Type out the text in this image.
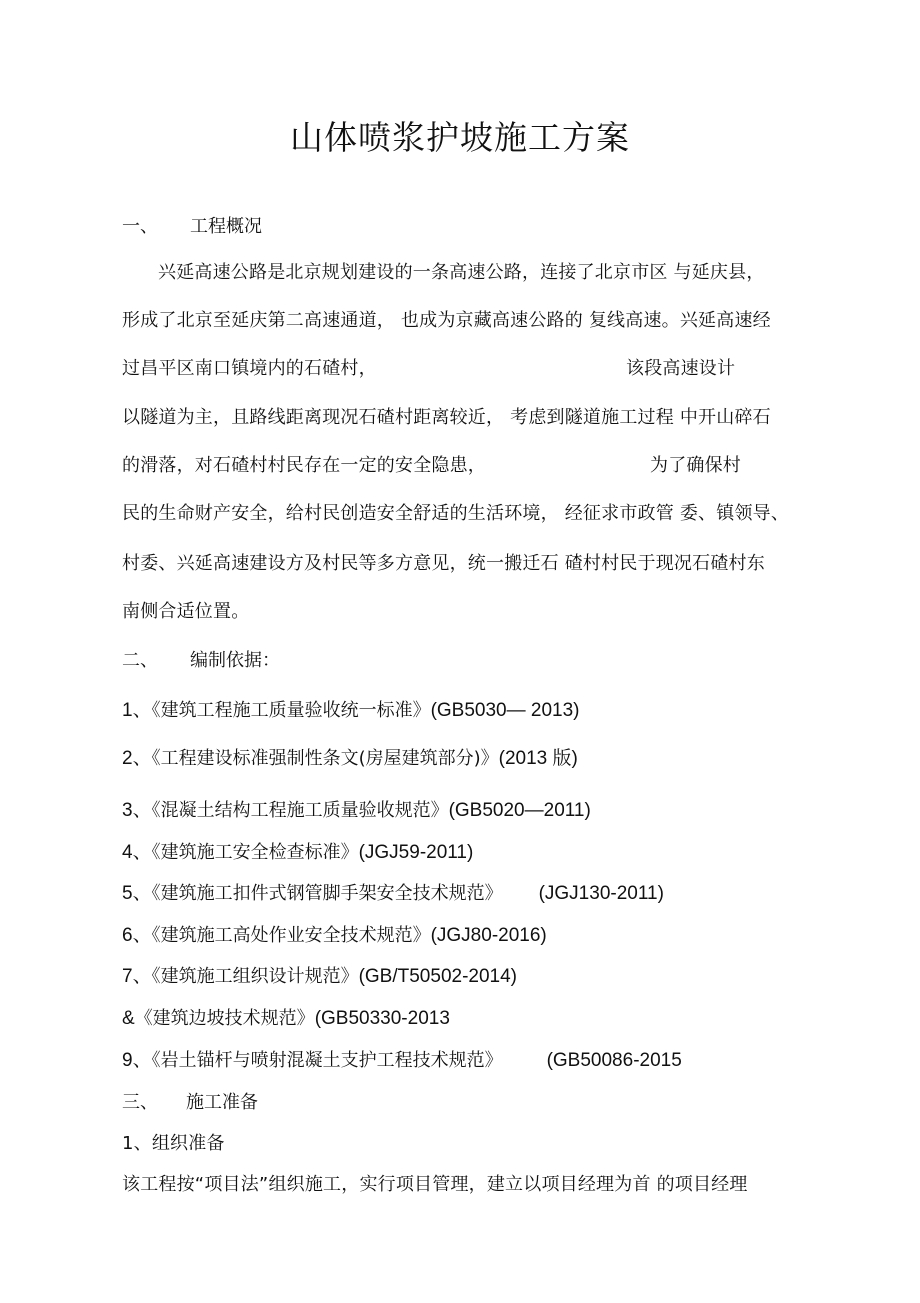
山体喷浆护坡施工方案
一、 工程概况
兴延高速公路是北京规划建设的一条高速公路，连接了北京市区 与延庆县，
形成了北京至延庆第二高速通道， 也成为京藏高速公路的 复线高速。兴延高速经
过昌平区南口镇境内的石碴村，	该段高速设计
以隧道为主，且路线距离现况石碴村距离较近， 考虑到隧道施工过程 中开山碎石
的滑落，对石碴村村民存在一定的安全隐患，	为了确保村
民的生命财产安全，给村民创造安全舒适的生活环境， 经征求市政管 委、镇领导、
村委、兴延高速建设方及村民等多方意见，统一搬迁石 碴村村民于现况石碴村东
南侧合适位置。
二、 编制依据：
1、《建筑工程施工质量验收统一标准》(GB5030— 2013)
2、《工程建设标准强制性条文(房屋建筑部分)》(2013 版)
3、《混凝土结构工程施工质量验收规范》(GB5020—2011)
4、《建筑施工安全检查标准》(JGJ59-2011)
5、《建筑施工扣件式钢管脚手架安全技术规范》 (JGJ130-2011)
6、《建筑施工高处作业安全技术规范》(JGJ80-2016)
7、《建筑施工组织设计规范》(GB/T50502-2014)
&《建筑边坡技术规范》(GB50330-2013
9、《岩土锚杆与喷射混凝土支护工程技术规范》 (GB50086-2015
三、 施工准备
1、组织准备
该工程按“项目法”组织施工，实行项目管理，建立以项目经理为首 的项目经理
